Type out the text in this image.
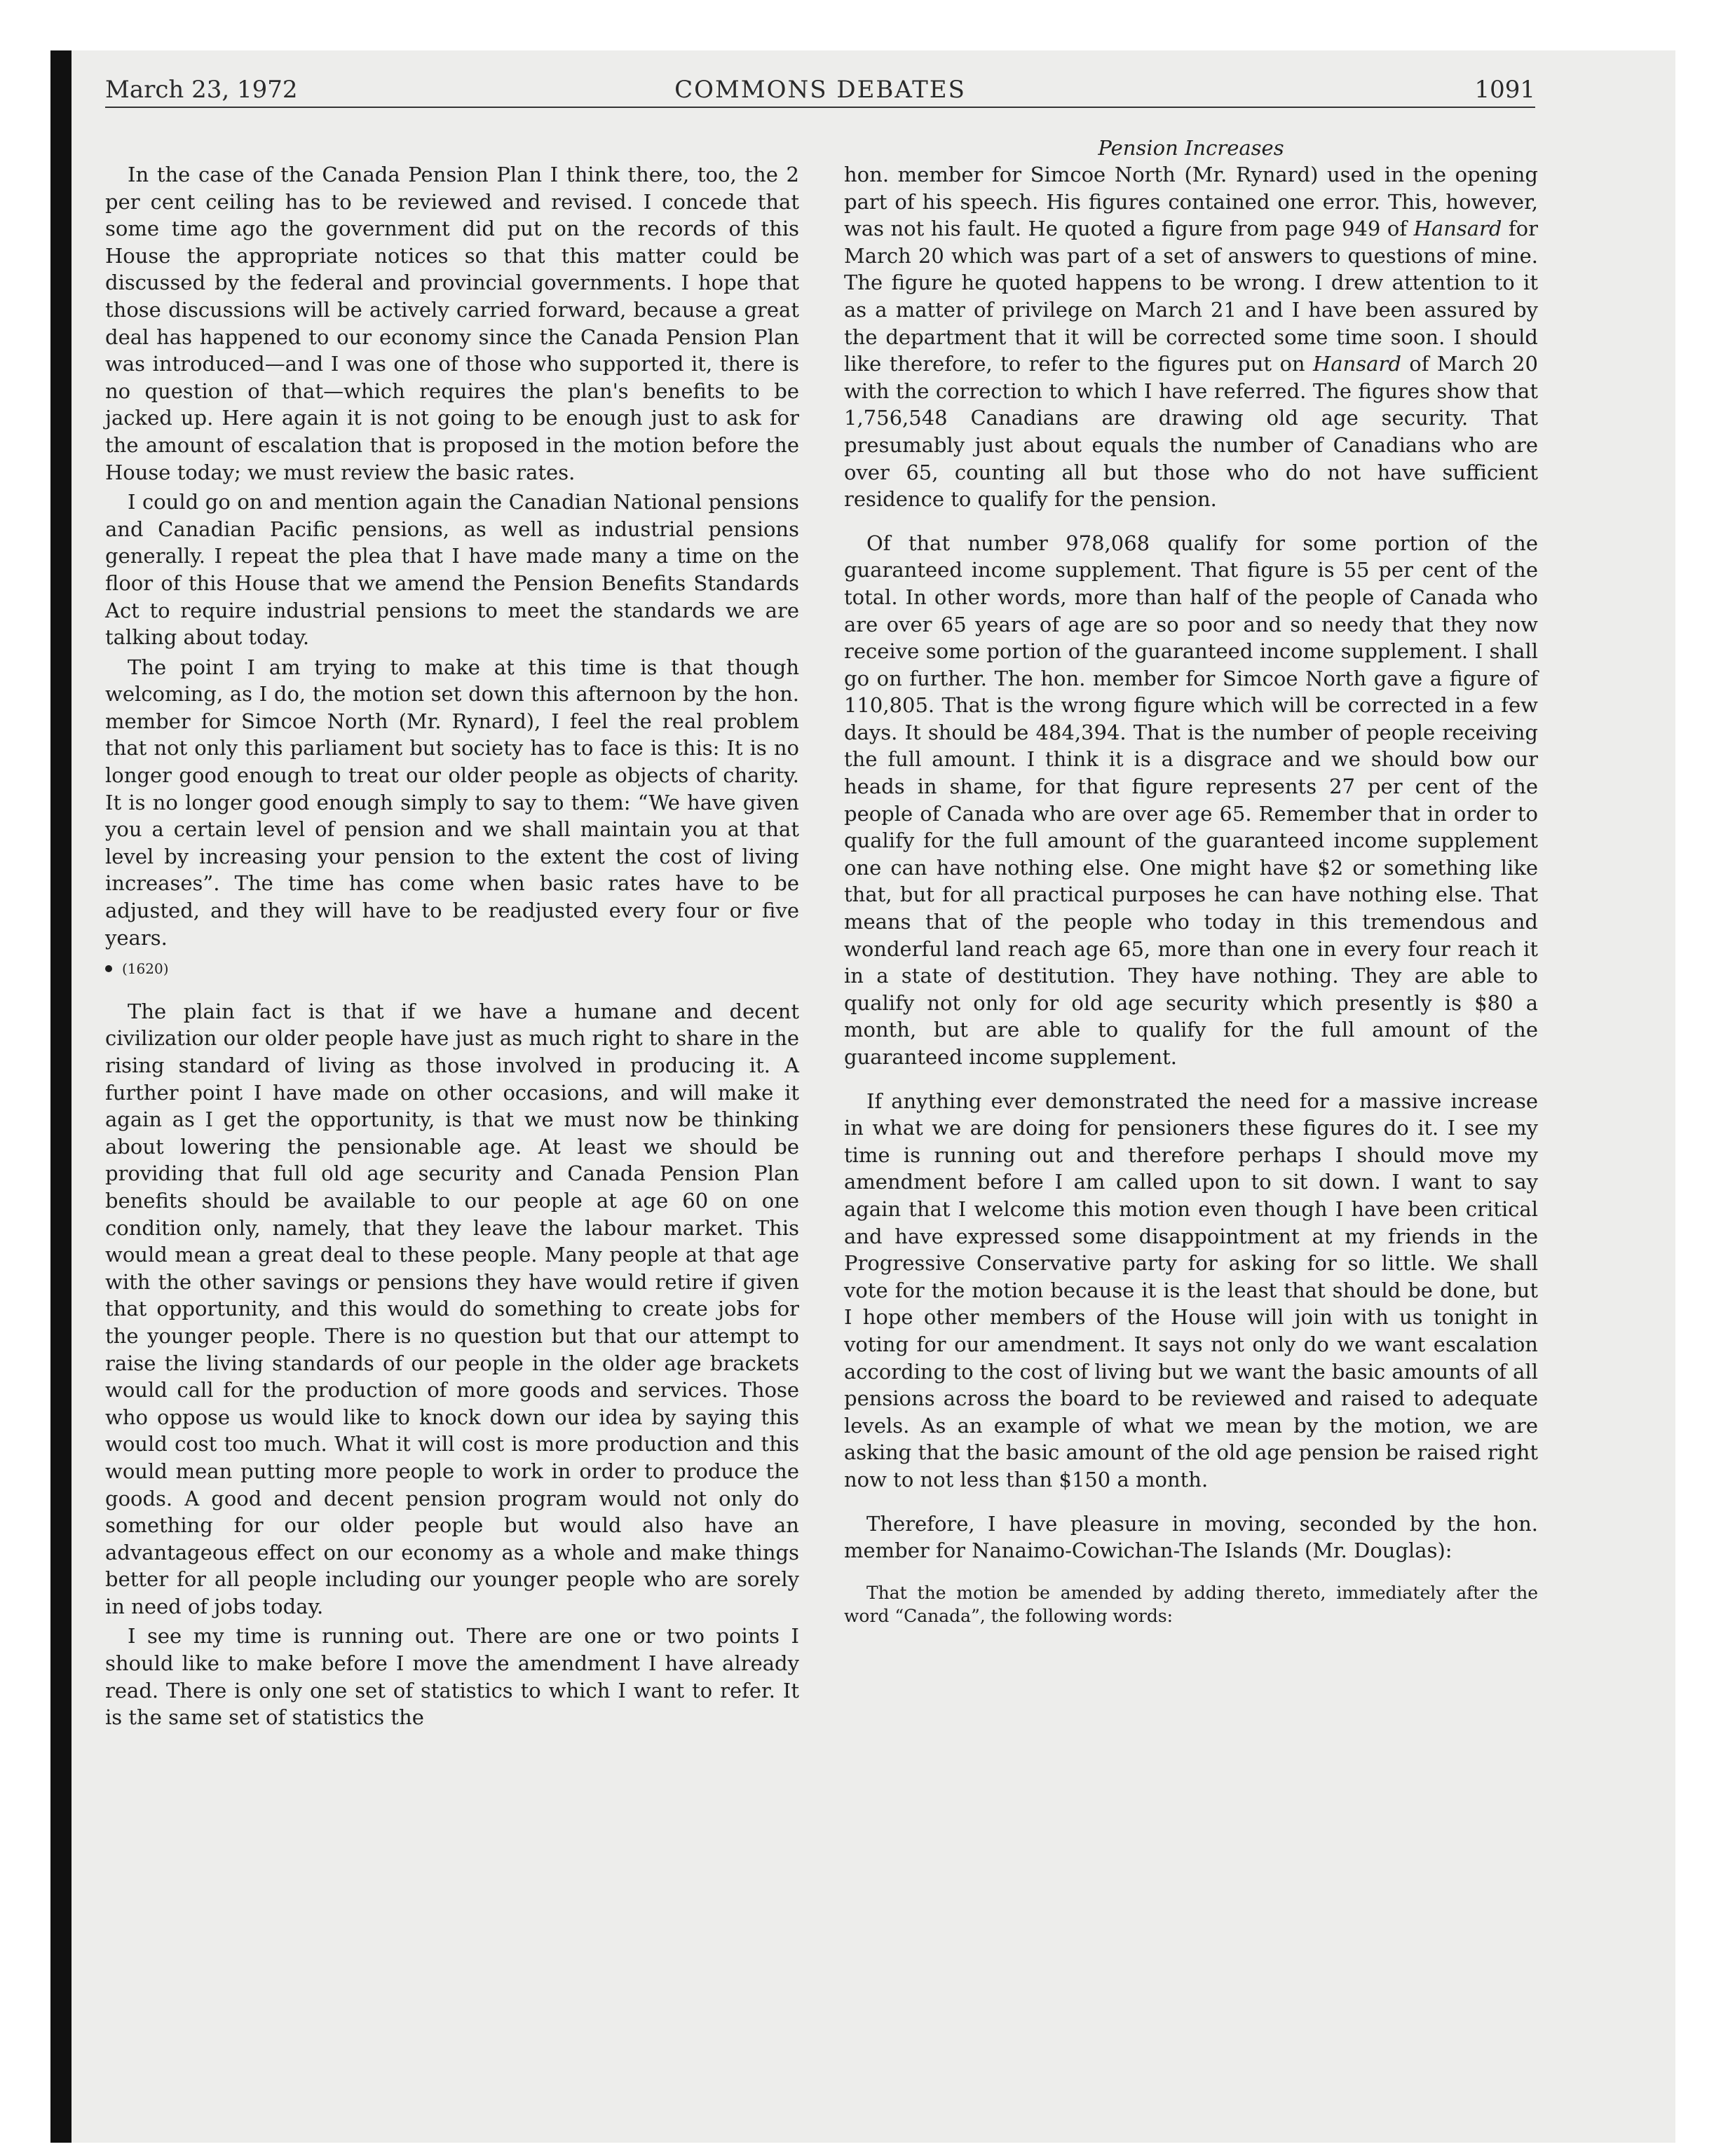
March 23, 1972	COMMONS DEBATES	1091

In the case of the Canada Pension Plan I think there, too, the 2 per cent ceiling has to be reviewed and revised. I concede that some time ago the government did put on the records of this House the appropriate notices so that this matter could be discussed by the federal and provincial governments. I hope that those discussions will be actively carried forward, because a great deal has happened to our economy since the Canada Pension Plan was introduced—and I was one of those who supported it, there is no question of that—which requires the plan's benefits to be jacked up. Here again it is not going to be enough just to ask for the amount of escalation that is proposed in the motion before the House today; we must review the basic rates.

I could go on and mention again the Canadian National pensions and Canadian Pacific pensions, as well as industrial pensions generally. I repeat the plea that I have made many a time on the floor of this House that we amend the Pension Benefits Standards Act to require industrial pensions to meet the standards we are talking about today.

The point I am trying to make at this time is that though welcoming, as I do, the motion set down this afternoon by the hon. member for Simcoe North (Mr. Rynard), I feel the real problem that not only this parliament but society has to face is this: It is no longer good enough to treat our older people as objects of charity. It is no longer good enough simply to say to them: “We have given you a certain level of pension and we shall maintain you at that level by increasing your pension to the extent the cost of living increases”. The time has come when basic rates have to be adjusted, and they will have to be readjusted every four or five years.

(1620)

The plain fact is that if we have a humane and decent civilization our older people have just as much right to share in the rising standard of living as those involved in producing it. A further point I have made on other occasions, and will make it again as I get the opportunity, is that we must now be thinking about lowering the pensionable age. At least we should be providing that full old age security and Canada Pension Plan benefits should be available to our people at age 60 on one condition only, namely, that they leave the labour market. This would mean a great deal to these people. Many people at that age with the other savings or pensions they have would retire if given that opportunity, and this would do something to create jobs for the younger people. There is no question but that our attempt to raise the living standards of our people in the older age brackets would call for the production of more goods and services. Those who oppose us would like to knock down our idea by saying this would cost too much. What it will cost is more production and this would mean putting more people to work in order to produce the goods. A good and decent pension program would not only do something for our older people but would also have an advantageous effect on our economy as a whole and make things better for all people including our younger people who are sorely in need of jobs today.

I see my time is running out. There are one or two points I should like to make before I move the amendment I have already read. There is only one set of statistics to which I want to refer. It is the same set of statistics the

Pension Increases

hon. member for Simcoe North (Mr. Rynard) used in the opening part of his speech. His figures contained one error. This, however, was not his fault. He quoted a figure from page 949 of Hansard for March 20 which was part of a set of answers to questions of mine. The figure he quoted happens to be wrong. I drew attention to it as a matter of privilege on March 21 and I have been assured by the department that it will be corrected some time soon. I should like therefore, to refer to the figures put on Hansard of March 20 with the correction to which I have referred. The figures show that 1,756,548 Canadians are drawing old age security. That presumably just about equals the number of Canadians who are over 65, counting all but those who do not have sufficient residence to qualify for the pension.

Of that number 978,068 qualify for some portion of the guaranteed income supplement. That figure is 55 per cent of the total. In other words, more than half of the people of Canada who are over 65 years of age are so poor and so needy that they now receive some portion of the guaranteed income supplement. I shall go on further. The hon. member for Simcoe North gave a figure of 110,805. That is the wrong figure which will be corrected in a few days. It should be 484,394. That is the number of people receiving the full amount. I think it is a disgrace and we should bow our heads in shame, for that figure represents 27 per cent of the people of Canada who are over age 65. Remember that in order to qualify for the full amount of the guaranteed income supplement one can have nothing else. One might have $2 or something like that, but for all practical purposes he can have nothing else. That means that of the people who today in this tremendous and wonderful land reach age 65, more than one in every four reach it in a state of destitution. They have nothing. They are able to qualify not only for old age security which presently is $80 a month, but are able to qualify for the full amount of the guaranteed income supplement.

If anything ever demonstrated the need for a massive increase in what we are doing for pensioners these figures do it. I see my time is running out and therefore perhaps I should move my amendment before I am called upon to sit down. I want to say again that I welcome this motion even though I have been critical and have expressed some disappointment at my friends in the Progressive Conservative party for asking for so little. We shall vote for the motion because it is the least that should be done, but I hope other members of the House will join with us tonight in voting for our amendment. It says not only do we want escalation according to the cost of living but we want the basic amounts of all pensions across the board to be reviewed and raised to adequate levels. As an example of what we mean by the motion, we are asking that the basic amount of the old age pension be raised right now to not less than $150 a month.

Therefore, I have pleasure in moving, seconded by the hon. member for Nanaimo-Cowichan-The Islands (Mr. Douglas):

That the motion be amended by adding thereto, immediately after the word “Canada”, the following words:
